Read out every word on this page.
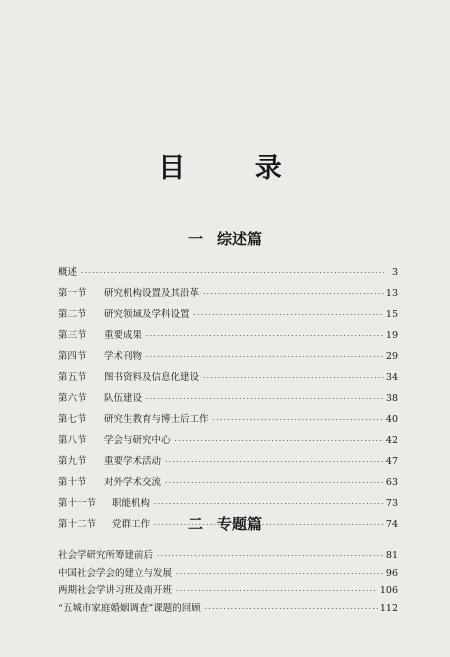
目 录
一 综述篇
概述 ·····	3
第一节	研究机构设置及其沿革 ·····	13
第二节	研究领域及学科设置 ·····	15
第三节	重要成果 ·····	19
第四节	学术刊物 ·····	29
第五节	图书资料及信息化建设 ·····	34
第六节	队伍建设 ·····	38
第七节	研究生教育与博士后工作 ·····	40
第八节	学会与研究中心 ·····	42
第九节	重要学术活动 ·····	47
第十节	对外学术交流 ·····	63
第十一节	职能机构 ·····	73
第十二节	党群工作 ·····	74
二 专题篇
社会学研究所筹建前后 ·····	81
中国社会学会的建立与发展 ·····	96
两期社会学讲习班及南开班 ·····	106
“五城市家庭婚姻调查”课题的回顾 ·····	112
